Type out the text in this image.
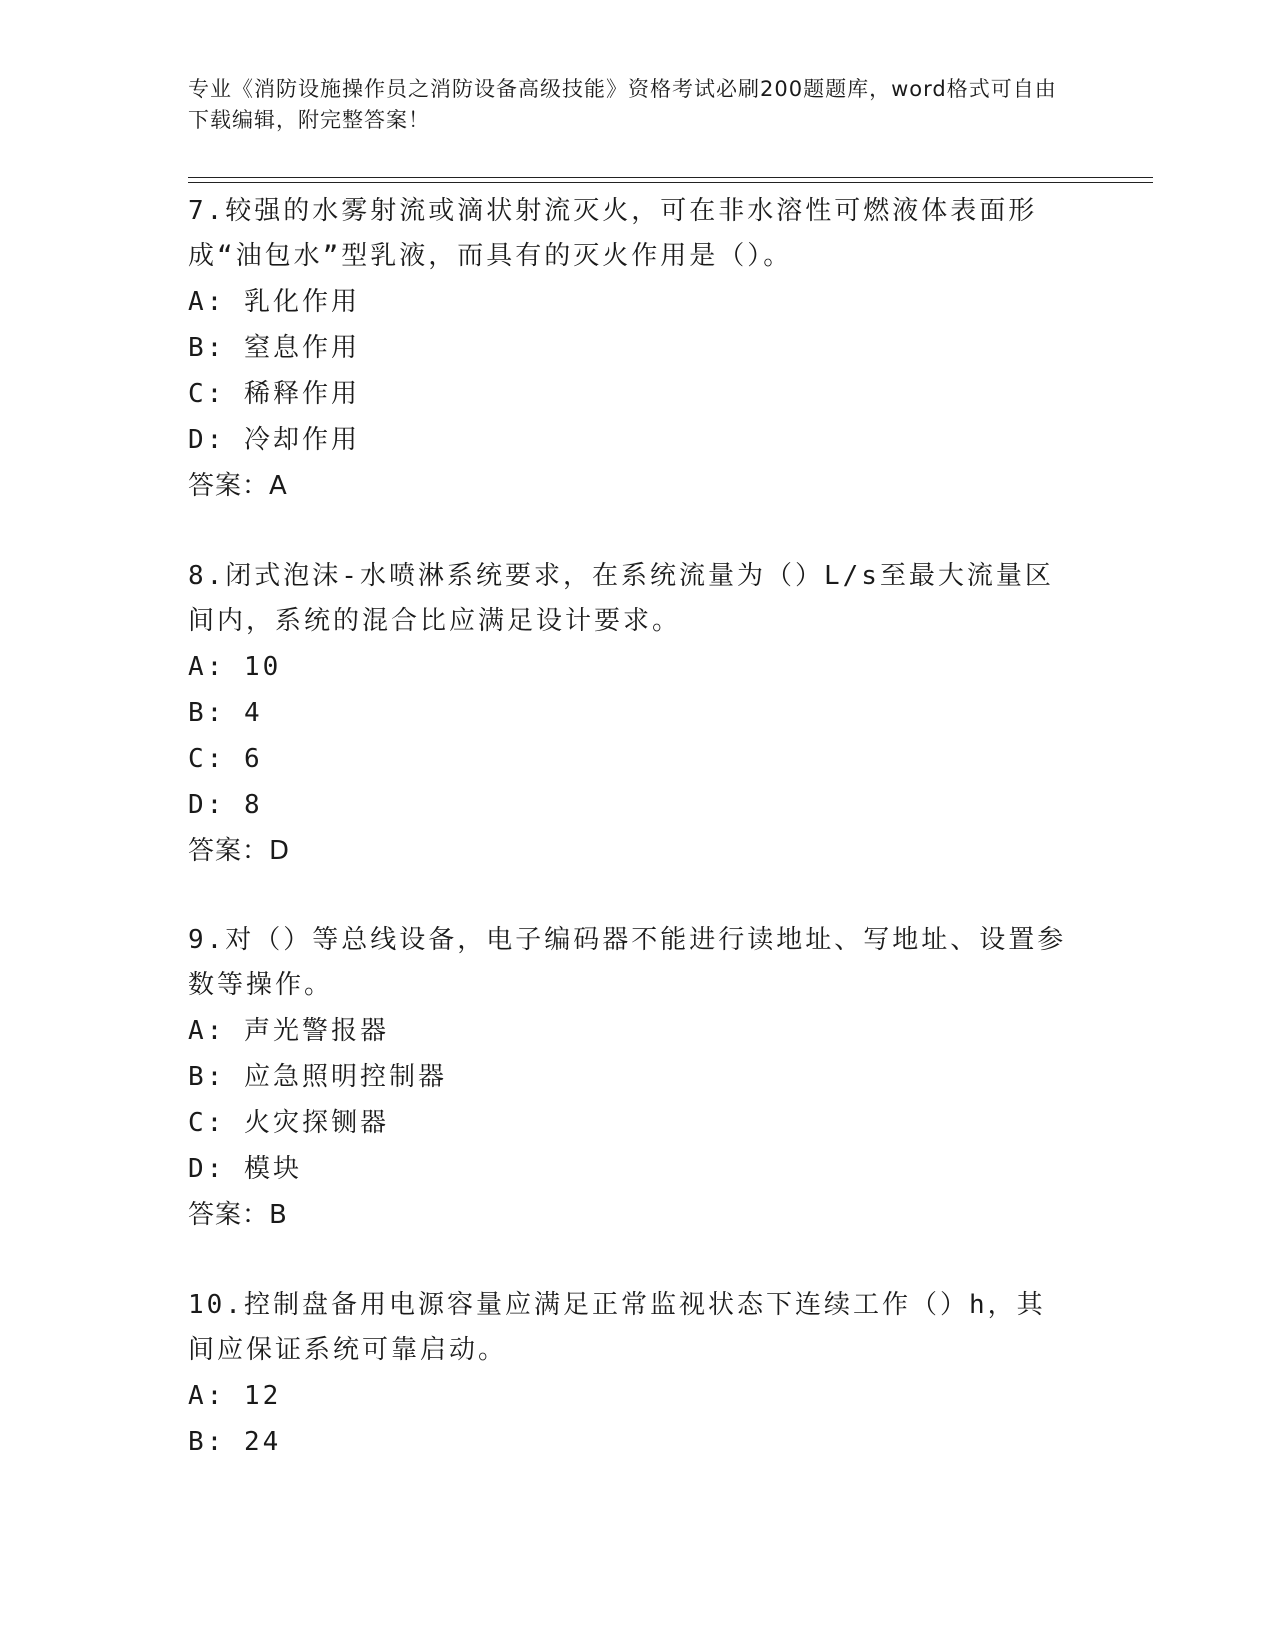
专业《消防设施操作员之消防设备高级技能》资格考试必刷200题题库，word格式可自由下载编辑，附完整答案！

7.较强的水雾射流或滴状射流灭火，可在非水溶性可燃液体表面形成“油包水”型乳液，而具有的灭火作用是（）。

A: 乳化作用
B: 窒息作用
C: 稀释作用
D: 冷却作用
答案：A

8.闭式泡沫-水喷淋系统要求，在系统流量为（）L/s至最大流量区间内，系统的混合比应满足设计要求。

A: 10
B: 4
C: 6
D: 8
答案：D

9.对（）等总线设备，电子编码器不能进行读地址、写地址、设置参数等操作。

A: 声光警报器
B: 应急照明控制器
C: 火灾探铡器
D: 模块
答案：B

10.控制盘备用电源容量应满足正常监视状态下连续工作（）h，其间应保证系统可靠启动。

A: 12
B: 24
